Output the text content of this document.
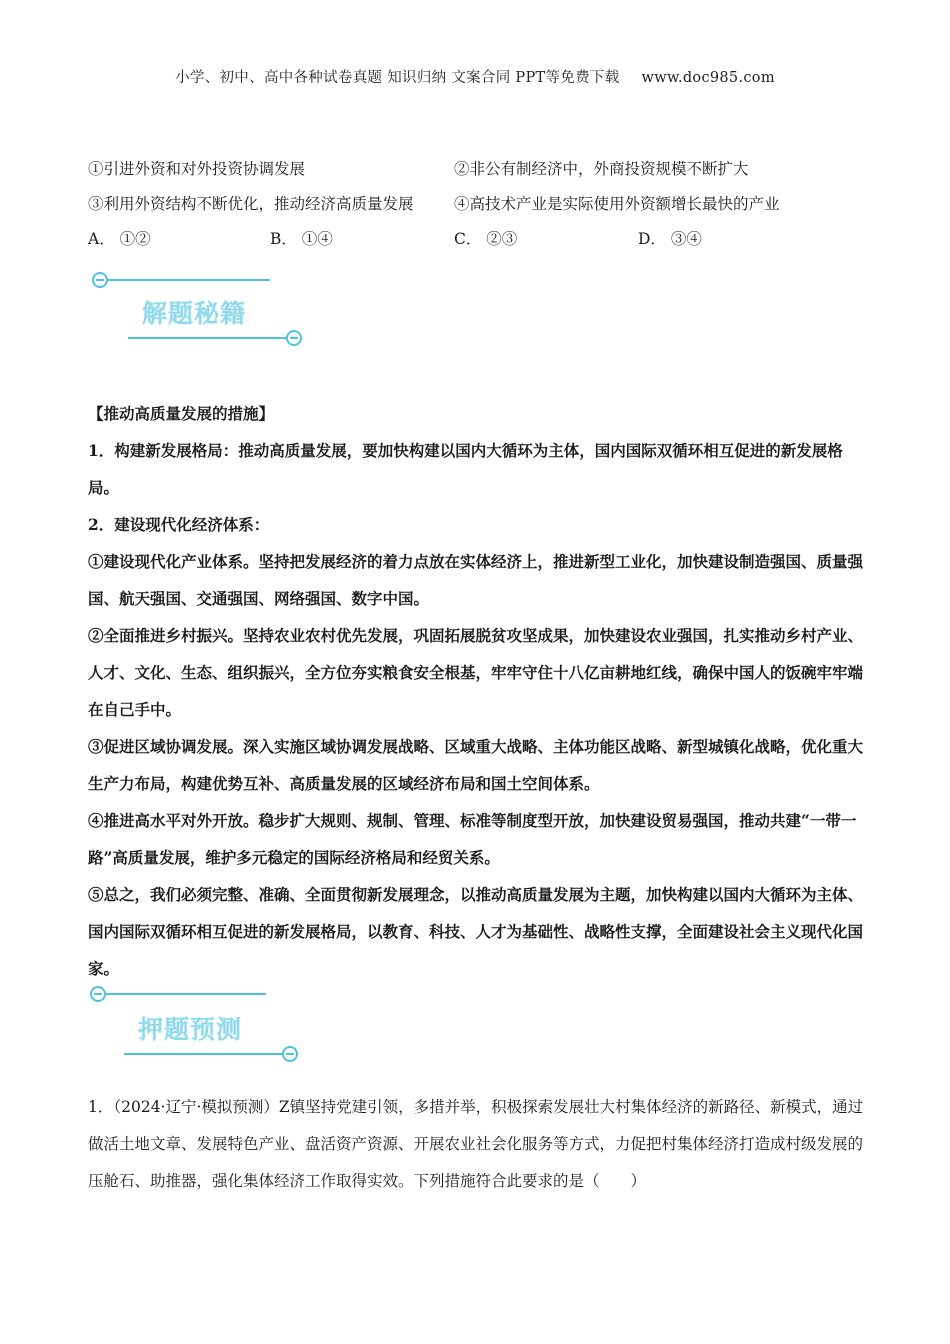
小学、初中、高中各种试卷真题 知识归纳 文案合同 PPT等免费下载 www.doc985.com
①引进外资和对外投资协调发展	②非公有制经济中，外商投资规模不断扩大
③利用外资结构不断优化，推动经济高质量发展	④高技术产业是实际使用外资额增长最快的产业
A． ①②	B． ①④	C． ②③	D． ③④
解题秘籍

【推动高质量发展的措施】

1．构建新发展格局：推动高质量发展，要加快构建以国内大循环为主体，国内国际双循环相互促进的新发展格局。

2．建设现代化经济体系：

①建设现代化产业体系。坚持把发展经济的着力点放在实体经济上，推进新型工业化，加快建设制造强国、质量强国、航天强国、交通强国、网络强国、数字中国。

②全面推进乡村振兴。坚持农业农村优先发展，巩固拓展脱贫攻坚成果，加快建设农业强国，扎实推动乡村产业、人才、文化、生态、组织振兴，全方位夯实粮食安全根基，牢牢守住十八亿亩耕地红线，确保中国人的饭碗牢牢端在自己手中。

③促进区域协调发展。深入实施区域协调发展战略、区域重大战略、主体功能区战略、新型城镇化战略，优化重大生产力布局，构建优势互补、高质量发展的区域经济布局和国土空间体系。

④推进高水平对外开放。稳步扩大规则、规制、管理、标准等制度型开放，加快建设贸易强国，推动共建“一带一路”高质量发展，维护多元稳定的国际经济格局和经贸关系。

⑤总之，我们必须完整、准确、全面贯彻新发展理念，以推动高质量发展为主题，加快构建以国内大循环为主体、国内国际双循环相互促进的新发展格局，以教育、科技、人才为基础性、战略性支撑，全面建设社会主义现代化国家。

押题预测

1．（2024·辽宁·模拟预测）Z镇坚持党建引领，多措并举，积极探索发展壮大村集体经济的新路径、新模式，通过做活土地文章、发展特色产业、盘活资产资源、开展农业社会化服务等方式，力促把村集体经济打造成村级发展的压舱石、助推器，强化集体经济工作取得实效。下列措施符合此要求的是（　　）
